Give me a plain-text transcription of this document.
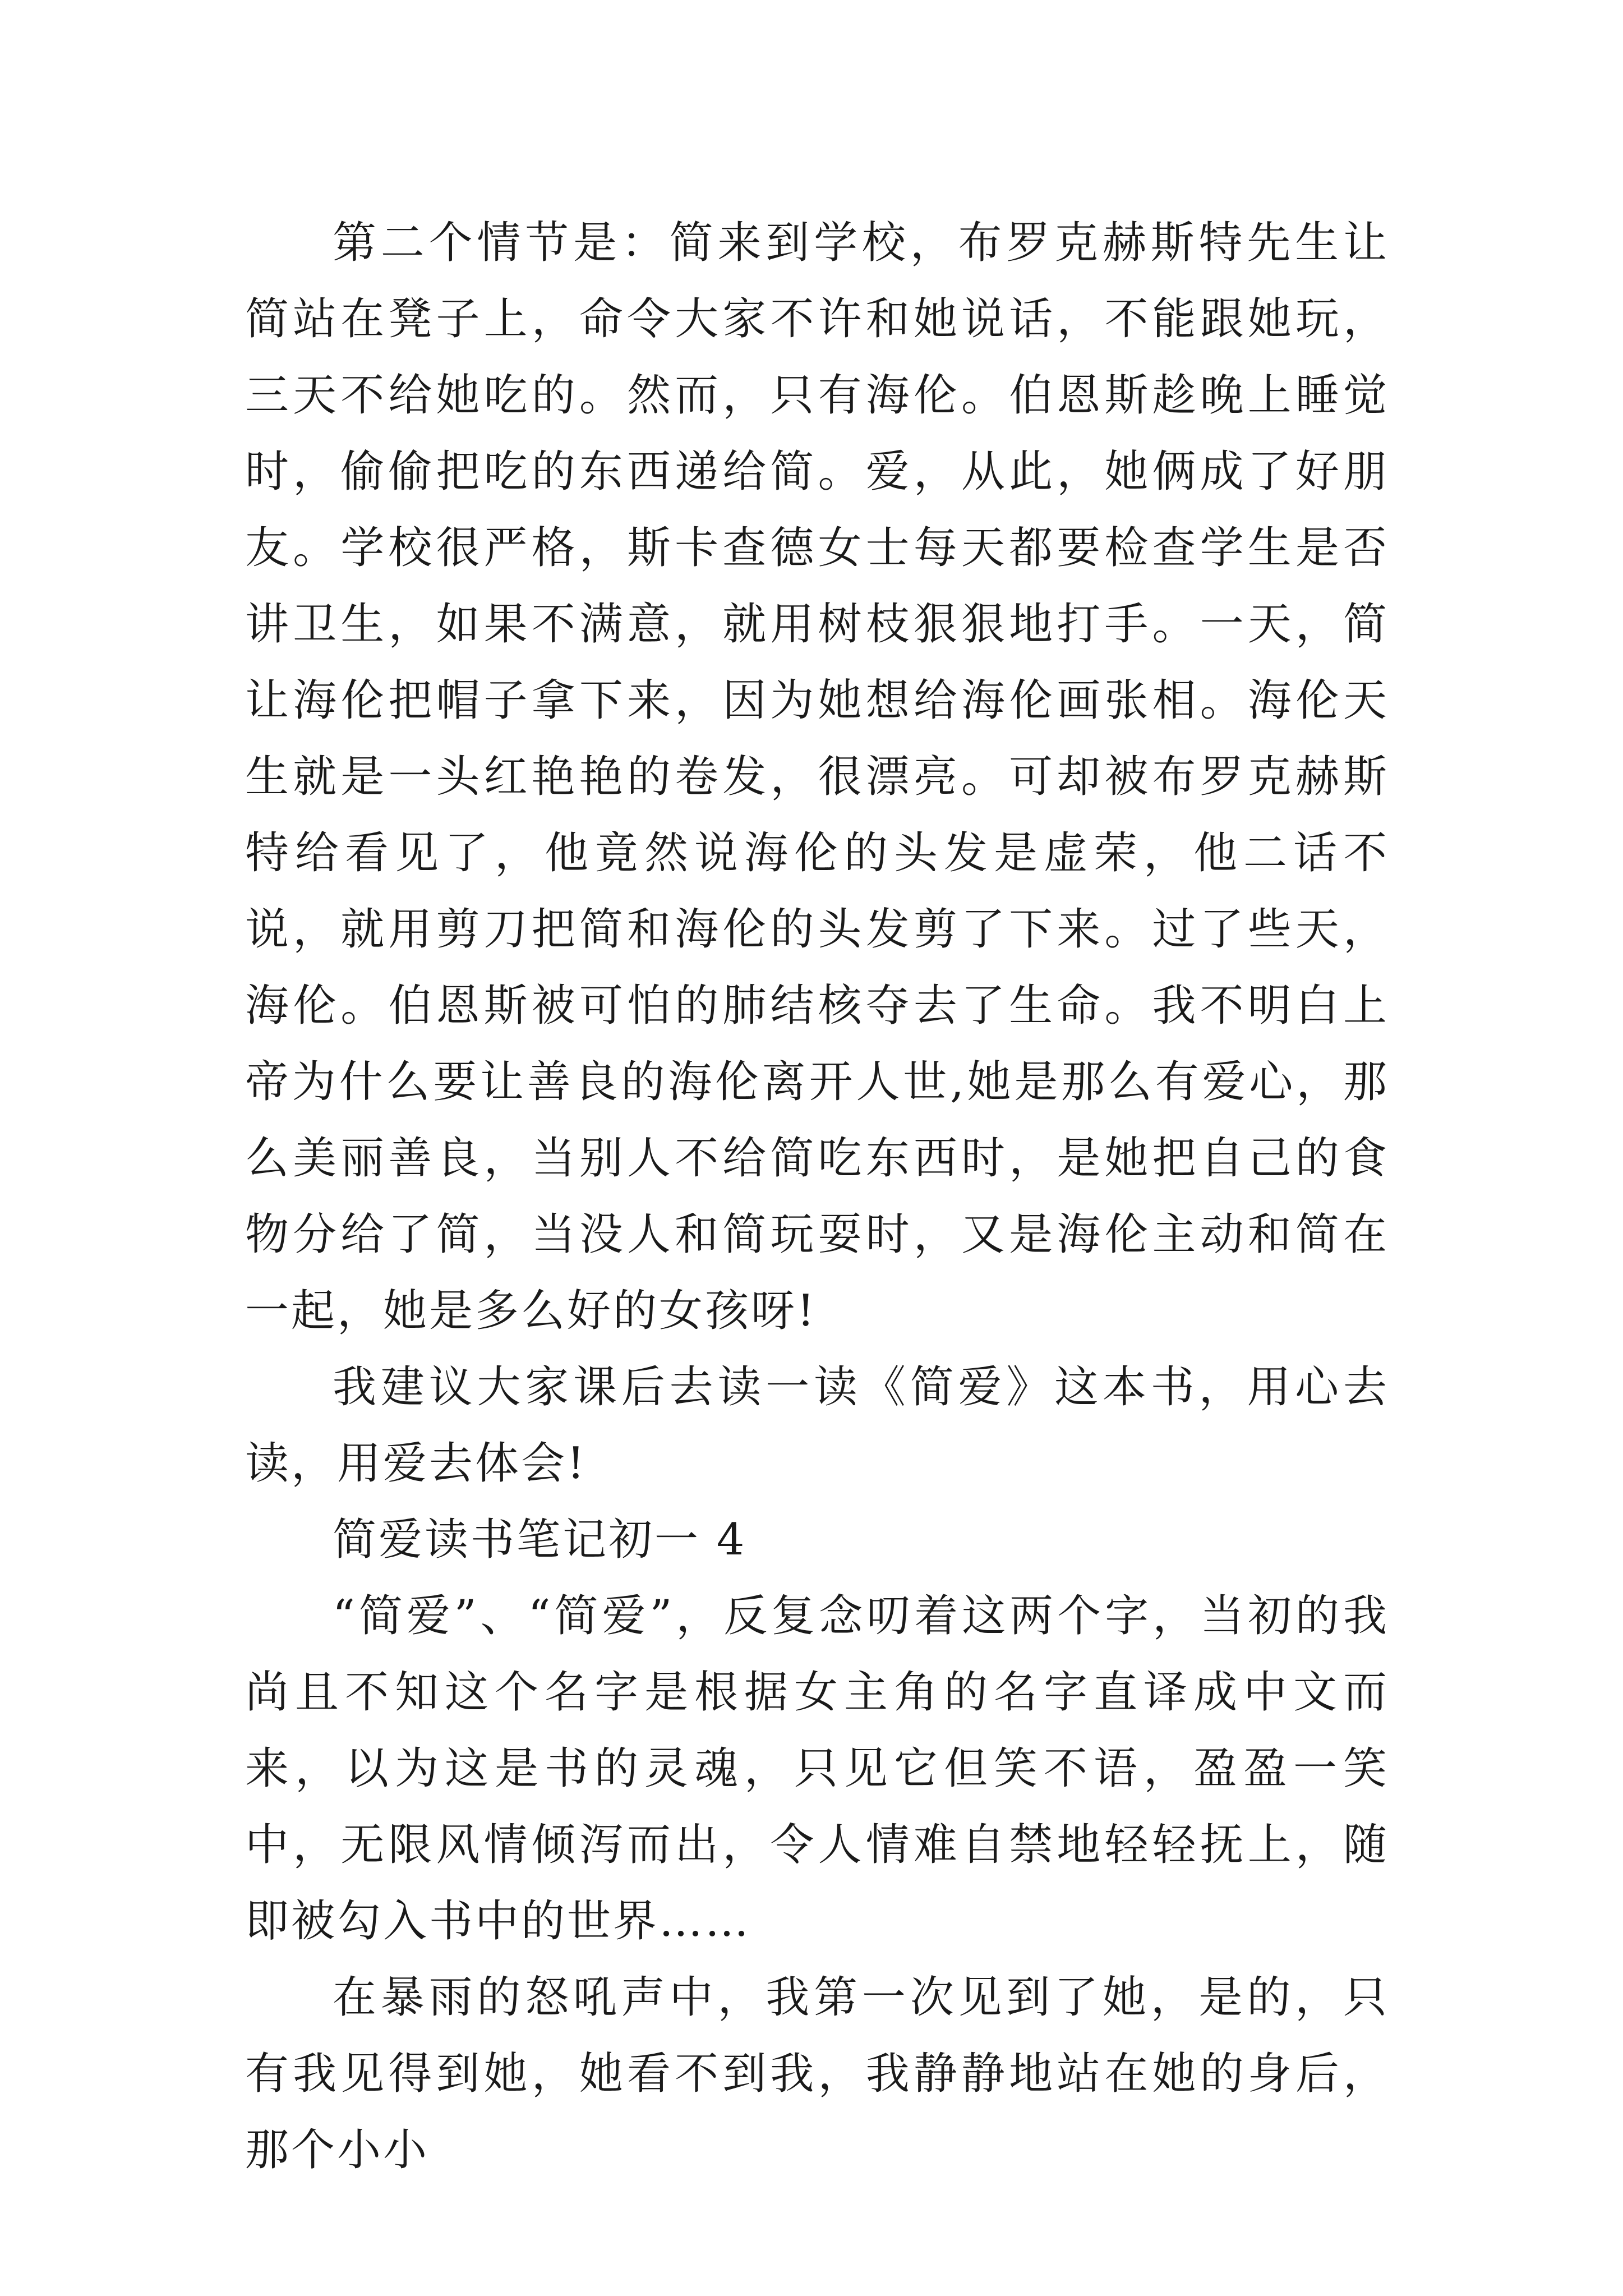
第二个情节是：简来到学校，布罗克赫斯特先生让简站在凳子上，命令大家不许和她说话，不能跟她玩，三天不给她吃的。然而，只有海伦。伯恩斯趁晚上睡觉时，偷偷把吃的东西递给简。爱，从此，她俩成了好朋友。学校很严格，斯卡查德女士每天都要检查学生是否讲卫生，如果不满意，就用树枝狠狠地打手。一天，简让海伦把帽子拿下来，因为她想给海伦画张相。海伦天生就是一头红艳艳的卷发，很漂亮。可却被布罗克赫斯特给看见了，他竟然说海伦的头发是虚荣，他二话不说，就用剪刀把简和海伦的头发剪了下来。过了些天，海伦。伯恩斯被可怕的肺结核夺去了生命。我不明白上帝为什么要让善良的海伦离开人世,她是那么有爱心，那么美丽善良，当别人不给简吃东西时，是她把自己的食物分给了简，当没人和简玩耍时，又是海伦主动和简在一起，她是多么好的女孩呀!

我建议大家课后去读一读《简爱》这本书，用心去读，用爱去体会!

简爱读书笔记初一 4

“简爱”、“简爱”，反复念叨着这两个字，当初的我尚且不知这个名字是根据女主角的名字直译成中文而来，以为这是书的灵魂，只见它但笑不语，盈盈一笑中，无限风情倾泻而出，令人情难自禁地轻轻抚上，随即被勾入书中的世界……

在暴雨的怒吼声中，我第一次见到了她，是的，只有我见得到她，她看不到我，我静静地站在她的身后，那个小小
